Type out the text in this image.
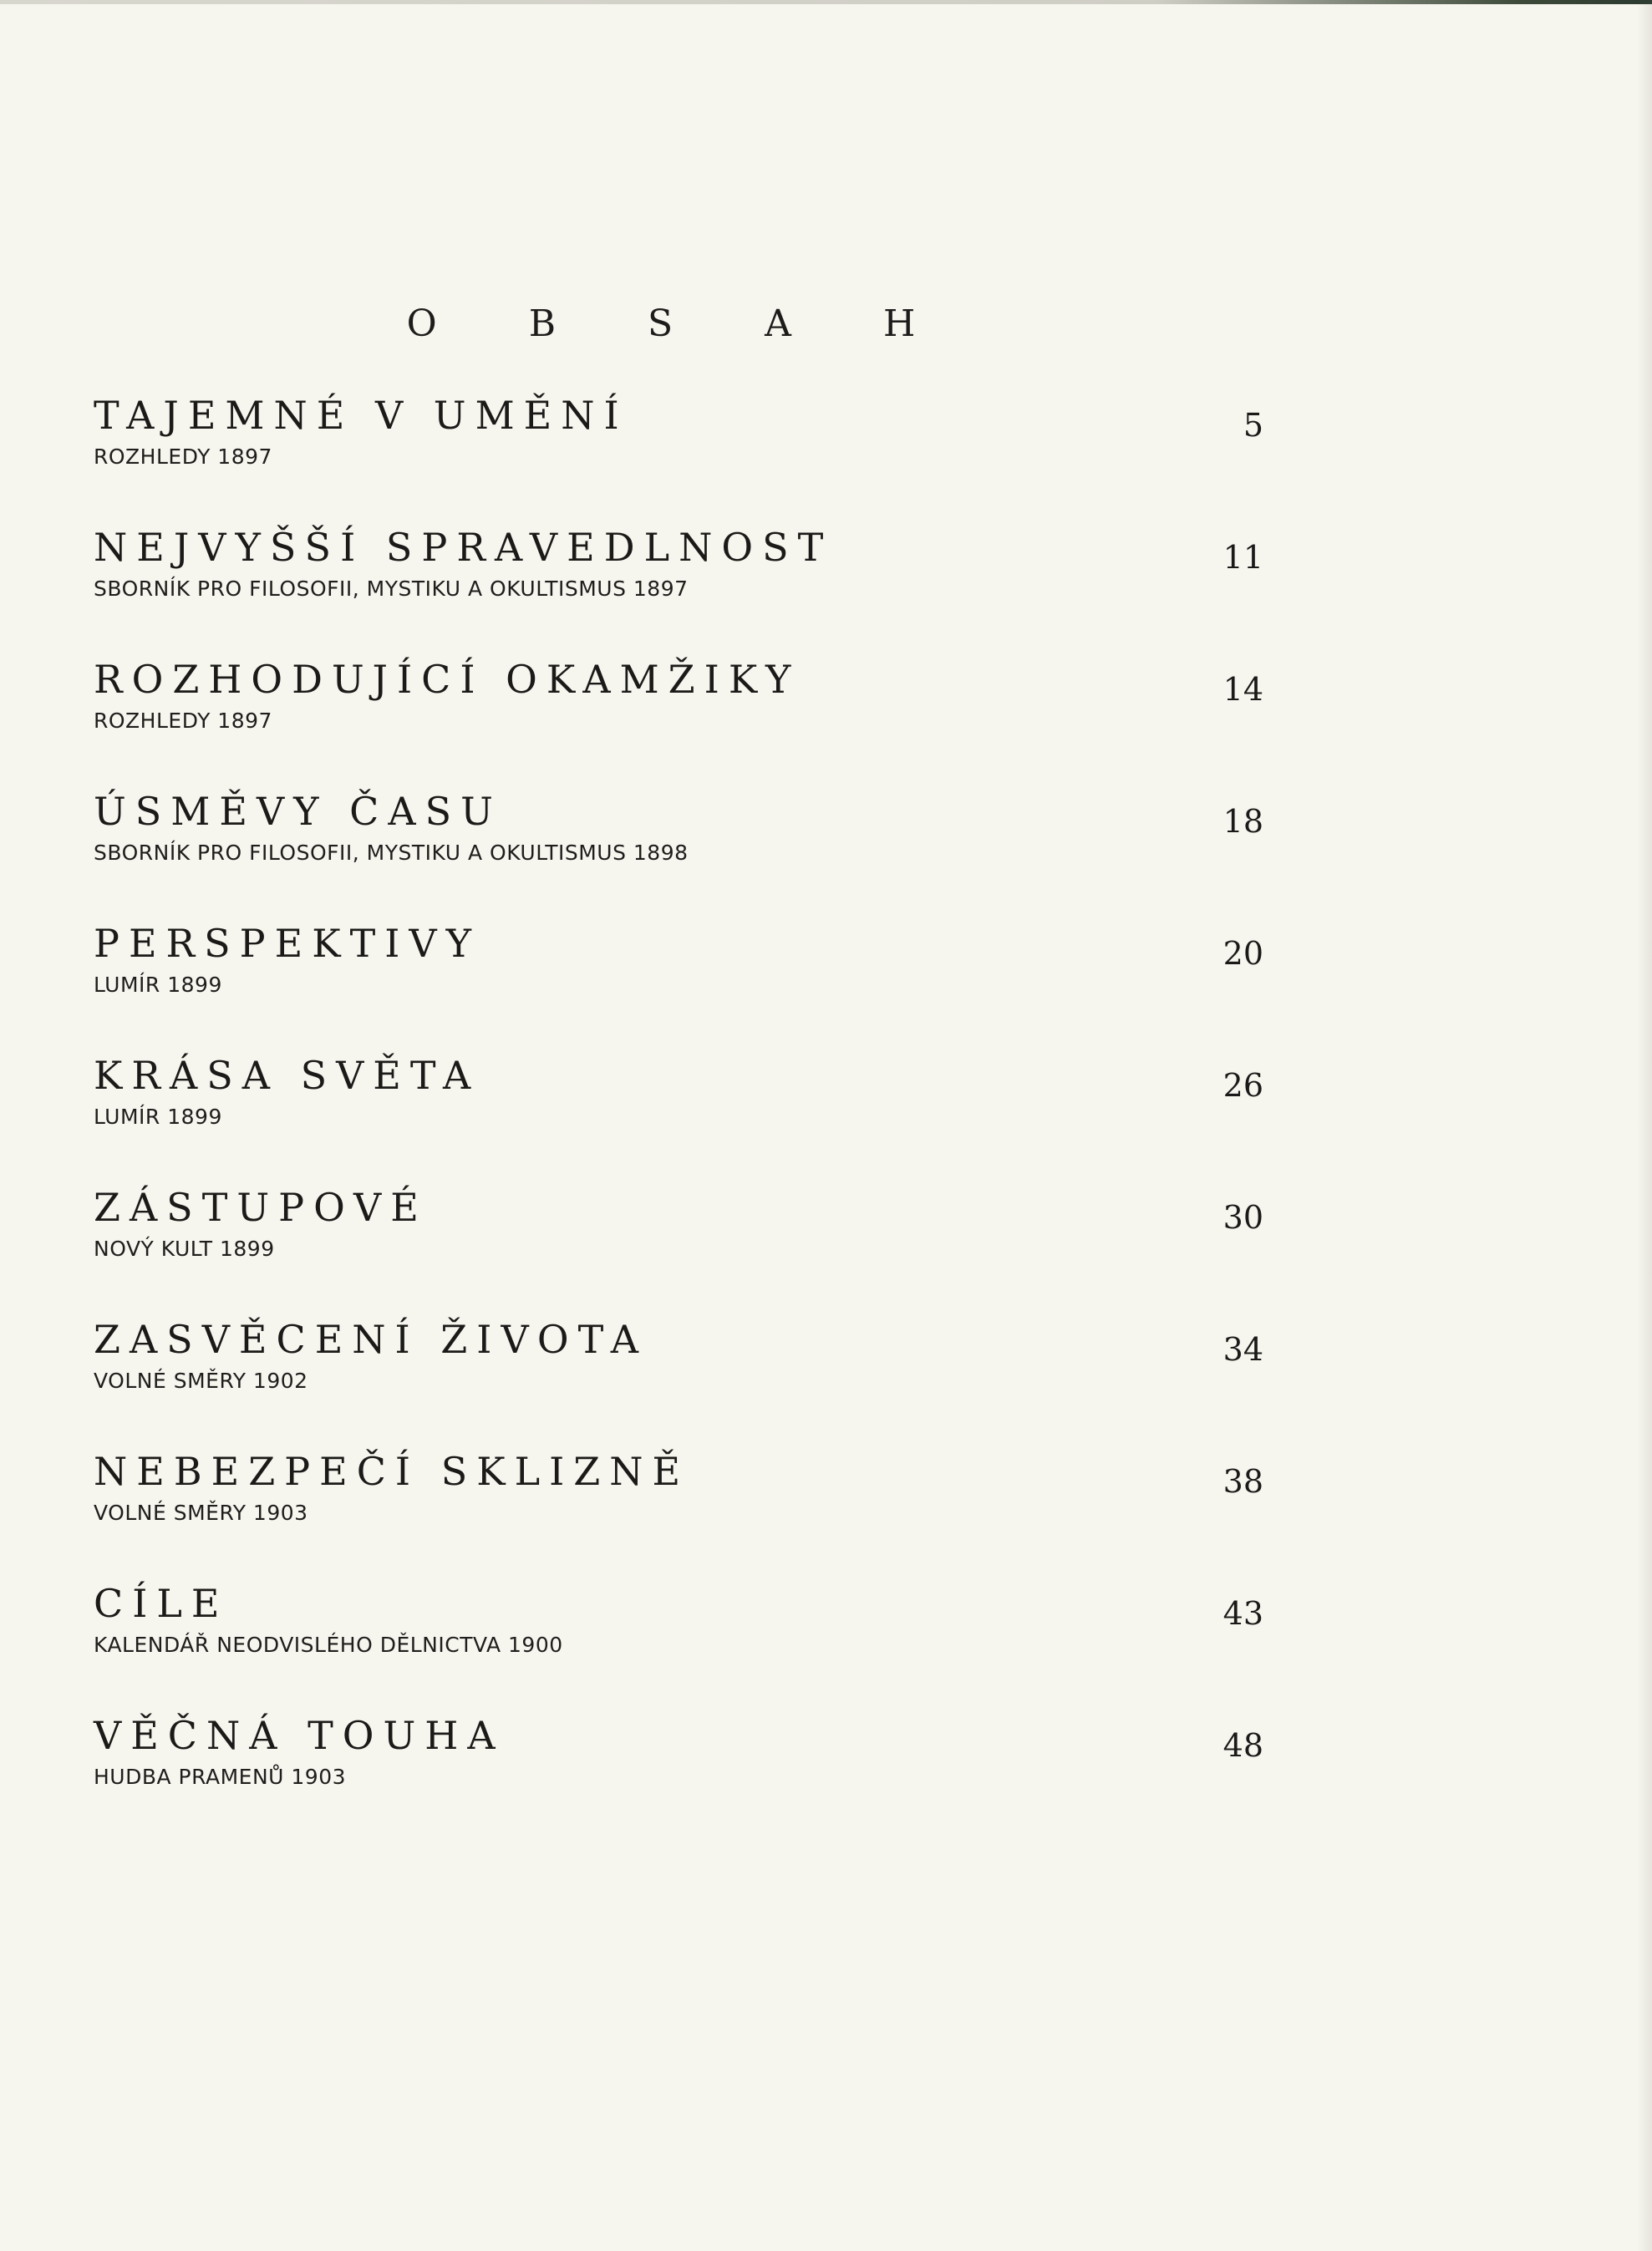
O B S A H
TAJEMNÉ V UMĚNÍ
ROZHLEDY 1897
5
NEJVYŠŠÍ SPRAVEDLNOST
SBORNÍK PRO FILOSOFII, MYSTIKU A OKULTISMUS 1897
11
ROZHODUJÍCÍ OKAMŽIKY
ROZHLEDY 1897
14
ÚSMĚVY ČASU
SBORNÍK PRO FILOSOFII, MYSTIKU A OKULTISMUS 1898
18
PERSPEKTIVY
LUMÍR 1899
20
KRÁSA SVĚTA
LUMÍR 1899
26
ZÁSTUPOVÉ
NOVÝ KULT 1899
30
ZASVĚCENÍ ŽIVOTA
VOLNÉ SMĚRY 1902
34
NEBEZPEČÍ SKLIZNĚ
VOLNÉ SMĚRY 1903
38
CÍLE
KALENDÁŘ NEODVISLÉHO DĚLNICTVA 1900
43
VĚČNÁ TOUHA
HUDBA PRAMENŮ 1903
48
